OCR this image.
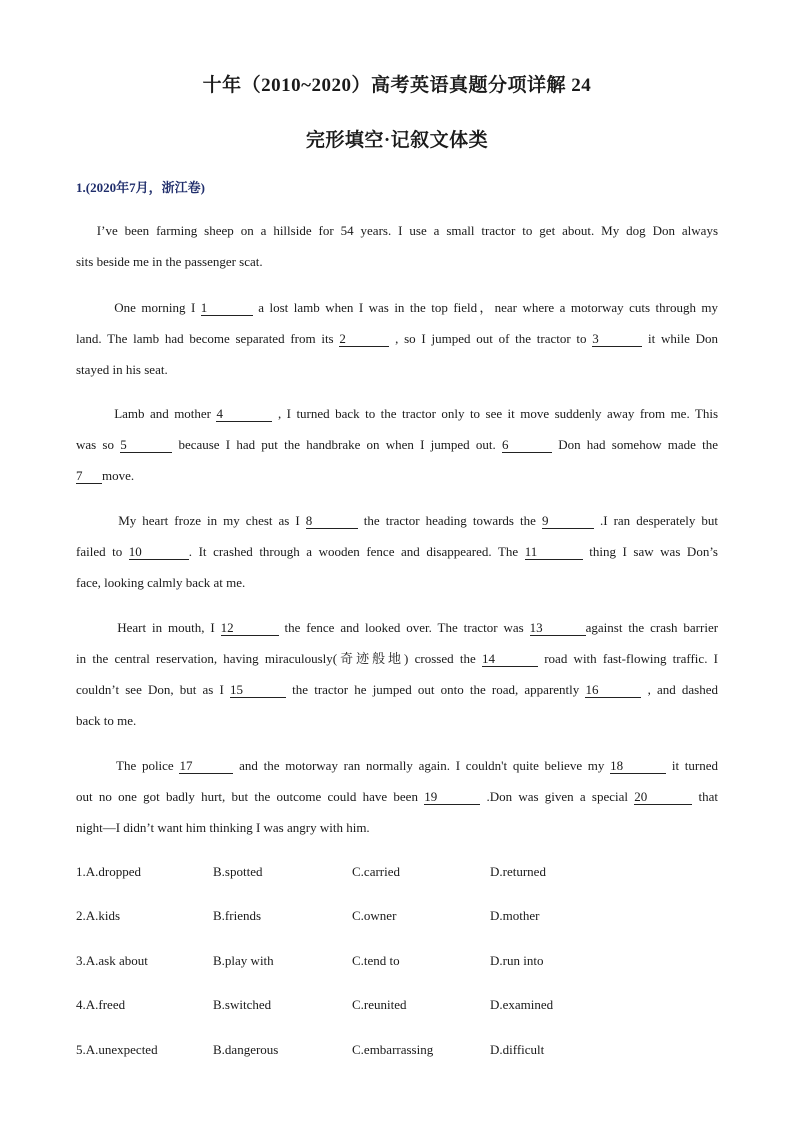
十年（2010~2020）高考英语真题分项详解 24
完形填空·记叙文体类
1.(2020年7月，浙江卷)
I’ve been farming sheep on a hillside for 54 years. I use a small tractor to get about. My dog Don always
sits beside me in the passenger scat.
One morning I 1	a lost lamb when I was in the top field，near where a motorway cuts through my
land. The lamb had become separated from its 2	, so I jumped out of the tractor to 3	it while Don
stayed in his seat.
Lamb and mother 4	, I turned back to the tractor only to see it move suddenly away from me. This
was so 5	because I had put the handbrake on when I jumped out. 6	Don had somehow made the
7 move.
My heart froze in my chest as I 8	the tractor heading towards the 9	.I ran desperately but
failed to 10	. It crashed through a wooden fence and disappeared. The 11	thing I saw was Don’s
face, looking calmly back at me.
Heart in mouth, I 12	the fence and looked over. The tractor was 13	against the crash barrier
in the central reservation, having miraculously(奇迹般地) crossed the 14	road with fast-flowing traffic. I
couldn’t see Don, but as I 15	the tractor he jumped out onto the road, apparently 16	, and dashed
back to me.
The police 17	and the motorway ran normally again. I couldn't quite believe my 18	it turned
out no one got badly hurt, but the outcome could have been 19	.Don was given a special 20	that
night—I didn’t want him thinking I was angry with him.
1.A.dropped	B.spotted	C.carried	D.returned
2.A.kids	B.friends	C.owner	D.mother
3.A.ask about	B.play with	C.tend to	D.run into
4.A.freed	B.switched	C.reunited	D.examined
5.A.unexpected	B.dangerous	C.embarrassing	D.difficult
